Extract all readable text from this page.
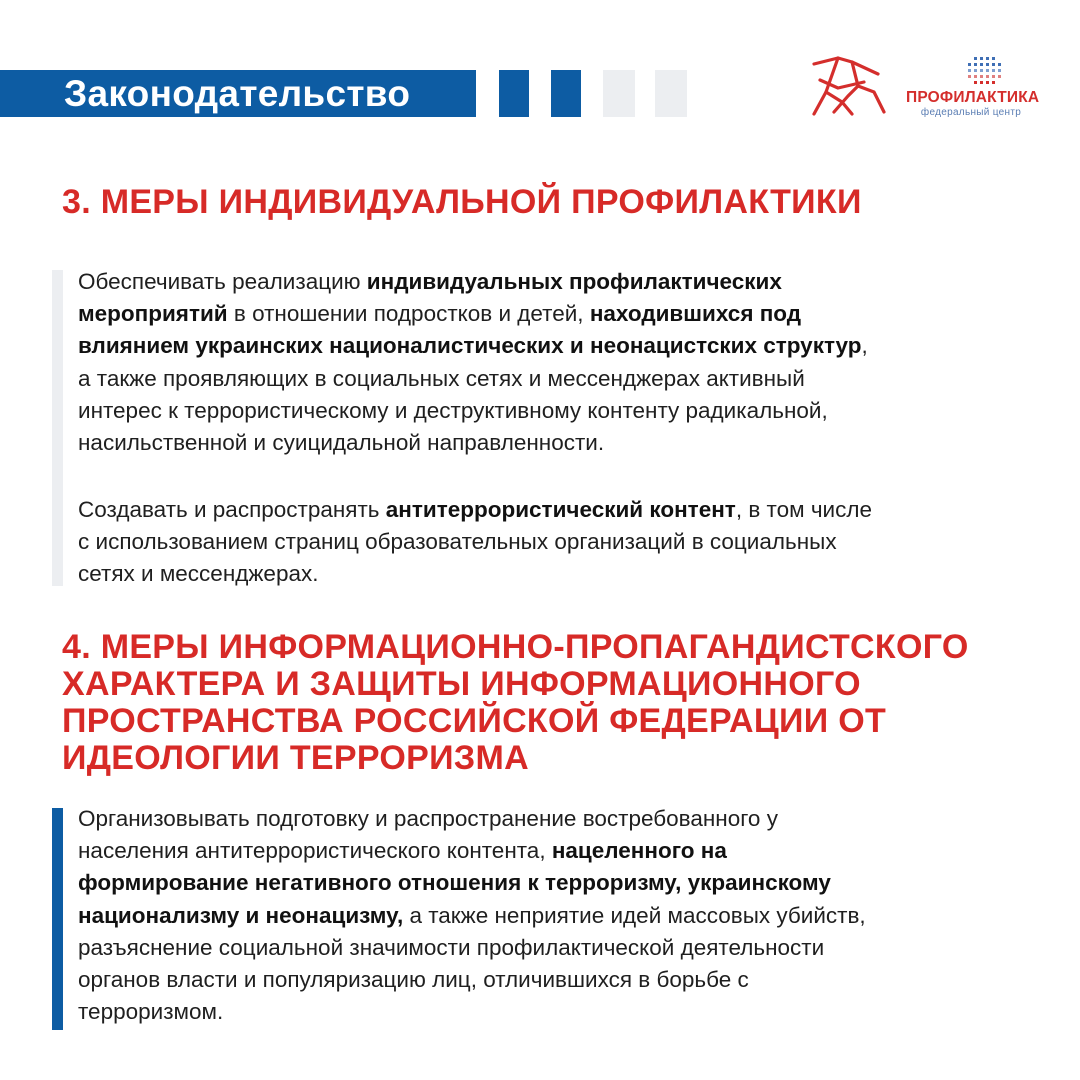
Законодательство	ПРОФИЛАКТИКА
федеральный центр
3. МЕРЫ ИНДИВИДУАЛЬНОЙ ПРОФИЛАКТИКИ

Обеспечивать реализацию индивидуальных профилактических
мероприятий в отношении подростков и детей, находившихся под
влиянием украинских националистических и неонацистских структур,
а также проявляющих в социальных сетях и мессенджерах активный
интерес к террористическому и деструктивному контенту радикальной,
насильственной и суицидальной направленности.

Создавать и распространять антитеррористический контент, в том числе
с использованием страниц образовательных организаций в социальных
сетях и мессенджерах.

4. МЕРЫ ИНФОРМАЦИОННО-ПРОПАГАНДИСТСКОГО
ХАРАКТЕРА И ЗАЩИТЫ ИНФОРМАЦИОННОГО
ПРОСТРАНСТВА РОССИЙСКОЙ ФЕДЕРАЦИИ ОТ
ИДЕОЛОГИИ ТЕРРОРИЗМА

Организовывать подготовку и распространение востребованного у
населения антитеррористического контента, нацеленного на
формирование негативного отношения к терроризму, украинскому
национализму и неонацизму, а также неприятие идей массовых убийств,
разъяснение социальной значимости профилактической деятельности
органов власти и популяризацию лиц, отличившихся в борьбе с
терроризмом.
